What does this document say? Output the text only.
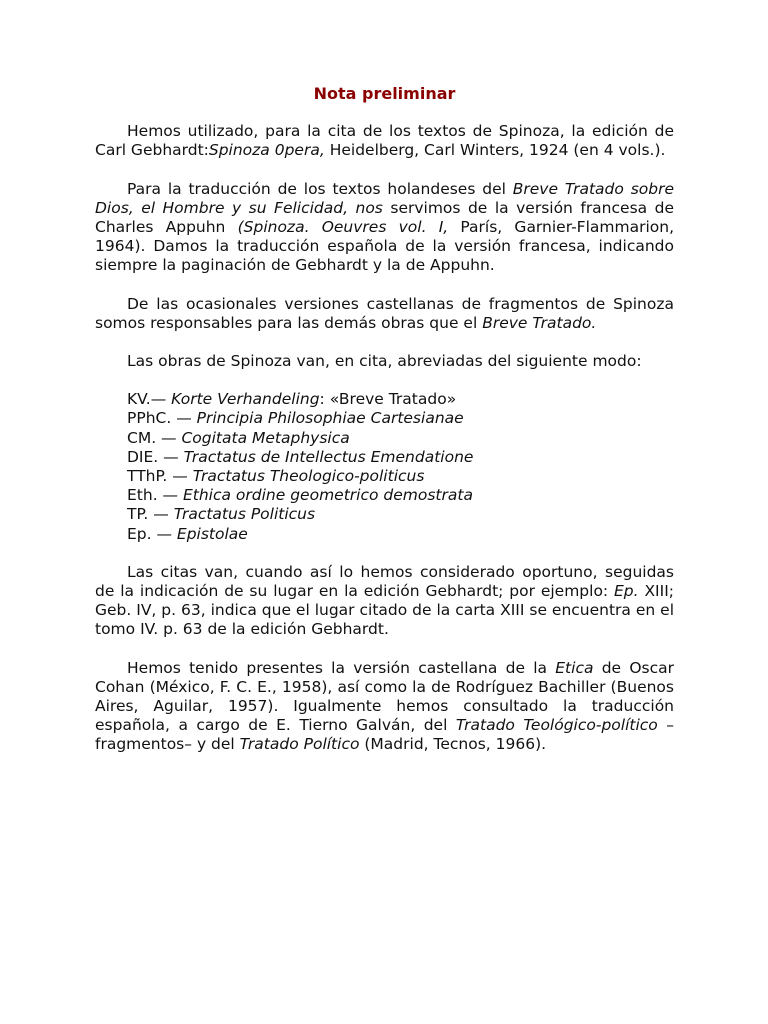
Nota preliminar

Hemos utilizado, para la cita de los textos de Spinoza, la edición de Carl Gebhardt:Spinoza 0pera, Heidelberg, Carl Winters, 1924 (en 4 vols.).

Para la traducción de los textos holandeses del Breve Tratado sobre Dios, el Hombre y su Felicidad, nos servimos de la versión francesa de Charles Appuhn (Spinoza. Oeuvres vol. I, París, Garnier-Flammarion, 1964). Damos la traducción española de la versión francesa, indicando siempre la paginación de Gebhardt y la de Appuhn.

De las ocasionales versiones castellanas de fragmentos de Spinoza somos responsables para las demás obras que el Breve Tratado.

Las obras de Spinoza van, en cita, abreviadas del siguiente modo:

KV.— Korte Verhandeling: «Breve Tratado»
PPhC. — Principia Philosophiae Cartesianae
CM. — Cogitata Metaphysica
DIE. — Tractatus de Intellectus Emendatione
TThP. — Tractatus Theologico-politicus
Eth. — Ethica ordine geometrico demostrata
TP. — Tractatus Politicus
Ep. — Epistolae

Las citas van, cuando así lo hemos considerado oportuno, seguidas de la indicación de su lugar en la edición Gebhardt; por ejemplo: Ep. XIII; Geb. IV, p. 63, indica que el lugar citado de la carta XIII se encuentra en el tomo IV. p. 63 de la edición Gebhardt.

Hemos tenido presentes la versión castellana de la Etica de Oscar Cohan (México, F. C. E., 1958), así como la de Rodríguez Bachiller (Buenos Aires, Aguilar, 1957). Igualmente hemos consultado la traducción española, a cargo de E. Tierno Galván, del Tratado Teológico-político –fragmentos– y del Tratado Político (Madrid, Tecnos, 1966).
